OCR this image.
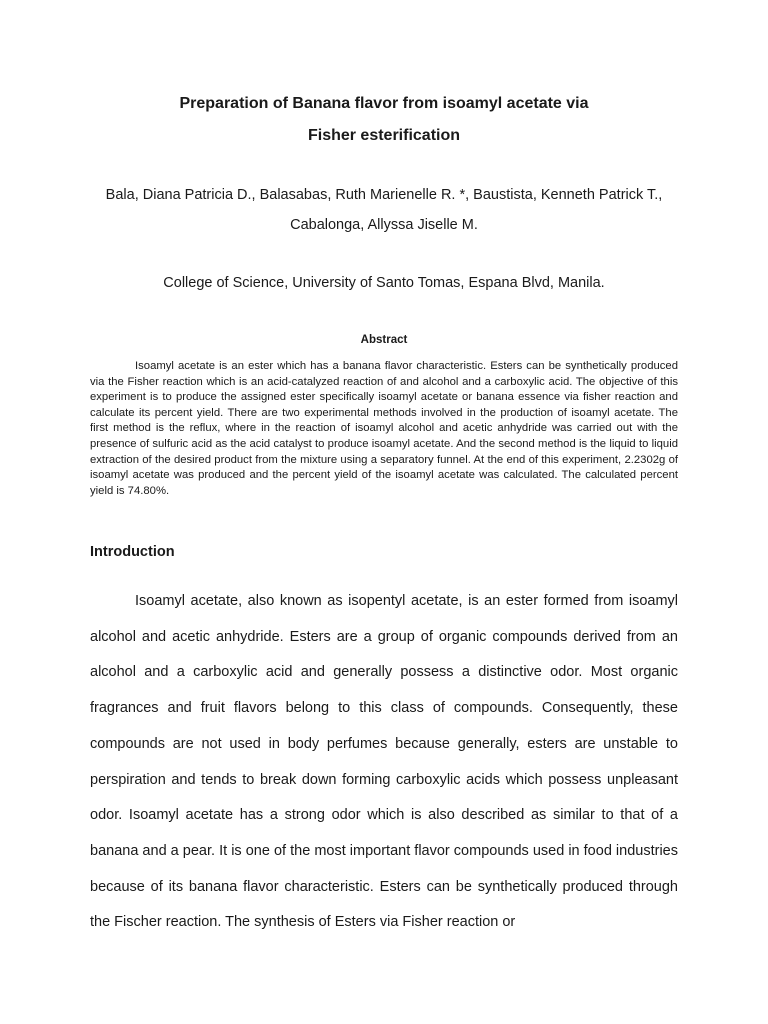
Preparation of Banana flavor from isoamyl acetate via
Fisher esterification
Bala, Diana Patricia D., Balasabas, Ruth Marienelle R. *, Baustista, Kenneth Patrick T.,
Cabalonga, Allyssa Jiselle M.
College of Science, University of Santo Tomas, Espana Blvd, Manila.
Abstract

Isoamyl acetate is an ester which has a banana flavor characteristic. Esters can be synthetically produced via the Fisher reaction which is an acid-catalyzed reaction of and alcohol and a carboxylic acid. The objective of this experiment is to produce the assigned ester specifically isoamyl acetate or banana essence via fisher reaction and calculate its percent yield. There are two experimental methods involved in the production of isoamyl acetate. The first method is the reflux, where in the reaction of isoamyl alcohol and acetic anhydride was carried out with the presence of sulfuric acid as the acid catalyst to produce isoamyl acetate. And the second method is the liquid to liquid extraction of the desired product from the mixture using a separatory funnel. At the end of this experiment, 2.2302g of isoamyl acetate was produced and the percent yield of the isoamyl acetate was calculated. The calculated percent yield is 74.80%.

Introduction

Isoamyl acetate, also known as isopentyl acetate, is an ester formed from isoamyl alcohol and acetic anhydride. Esters are a group of organic compounds derived from an alcohol and a carboxylic acid and generally possess a distinctive odor. Most organic fragrances and fruit flavors belong to this class of compounds. Consequently, these compounds are not used in body perfumes because generally, esters are unstable to perspiration and tends to break down forming carboxylic acids which possess unpleasant odor. Isoamyl acetate has a strong odor which is also described as similar to that of a banana and a pear. It is one of the most important flavor compounds used in food industries because of its banana flavor characteristic. Esters can be synthetically produced through the Fischer reaction. The synthesis of Esters via Fisher reaction or
